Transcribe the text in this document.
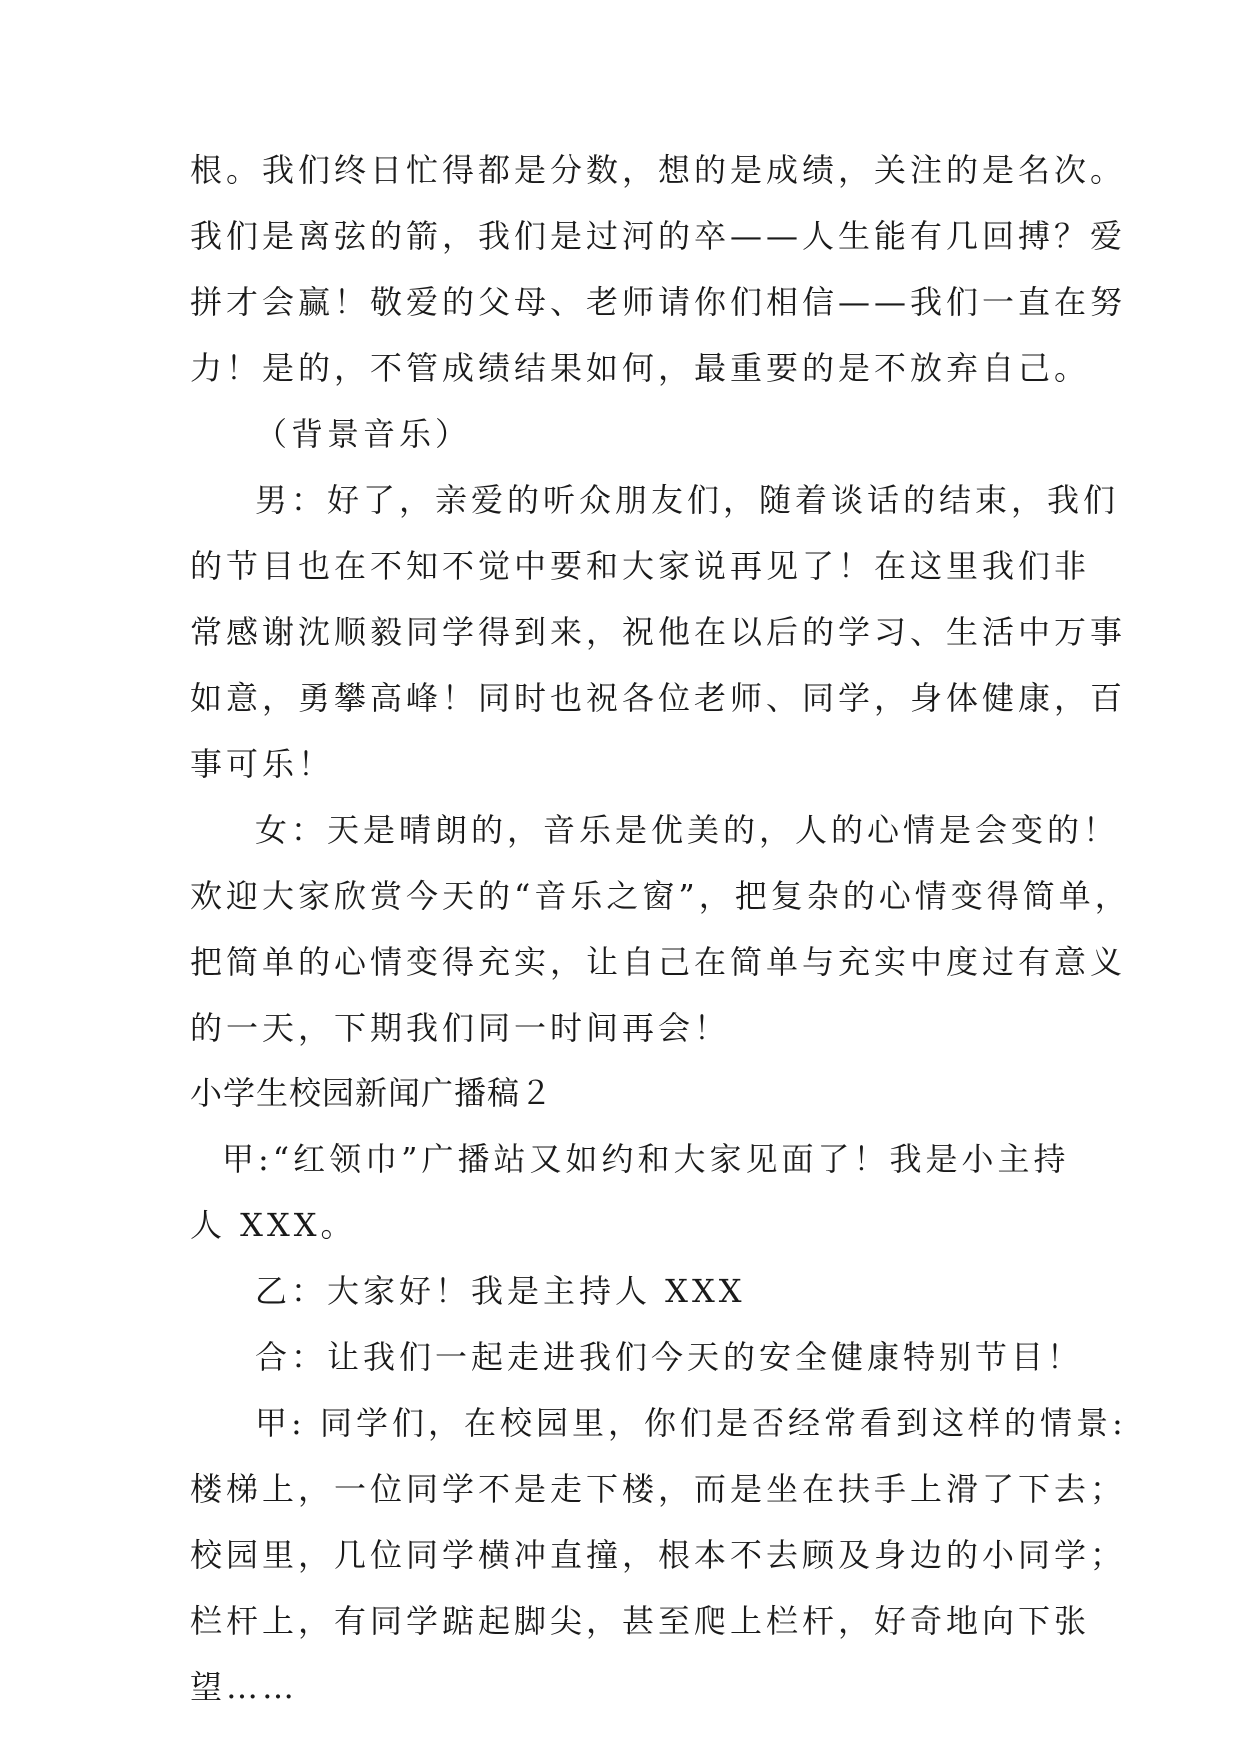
根。我们终日忙得都是分数，想的是成绩，关注的是名次。
我们是离弦的箭，我们是过河的卒——人生能有几回搏？爱
拼才会赢！敬爱的父母、老师请你们相信——我们一直在努
力！是的，不管成绩结果如何，最重要的是不放弃自己。
（背景音乐）
男：好了，亲爱的听众朋友们，随着谈话的结束，我们
的节目也在不知不觉中要和大家说再见了！在这里我们非
常感谢沈顺毅同学得到来，祝他在以后的学习、生活中万事
如意，勇攀高峰！同时也祝各位老师、同学，身体健康，百
事可乐！
女：天是晴朗的，音乐是优美的，人的心情是会变的！
欢迎大家欣赏今天的“音乐之窗”，把复杂的心情变得简单，
把简单的心情变得充实，让自己在简单与充实中度过有意义
的一天，下期我们同一时间再会！
小学生校园新闻广播稿２
甲:“红领巾”广播站又如约和大家见面了！我是小主持
人 XXX。
乙：大家好！我是主持人 XXX
合：让我们一起走进我们今天的安全健康特别节目！
甲: 同学们，在校园里，你们是否经常看到这样的情景:
楼梯上，一位同学不是走下楼，而是坐在扶手上滑了下去；
校园里，几位同学横冲直撞，根本不去顾及身边的小同学；
栏杆上，有同学踮起脚尖，甚至爬上栏杆，好奇地向下张
望……
